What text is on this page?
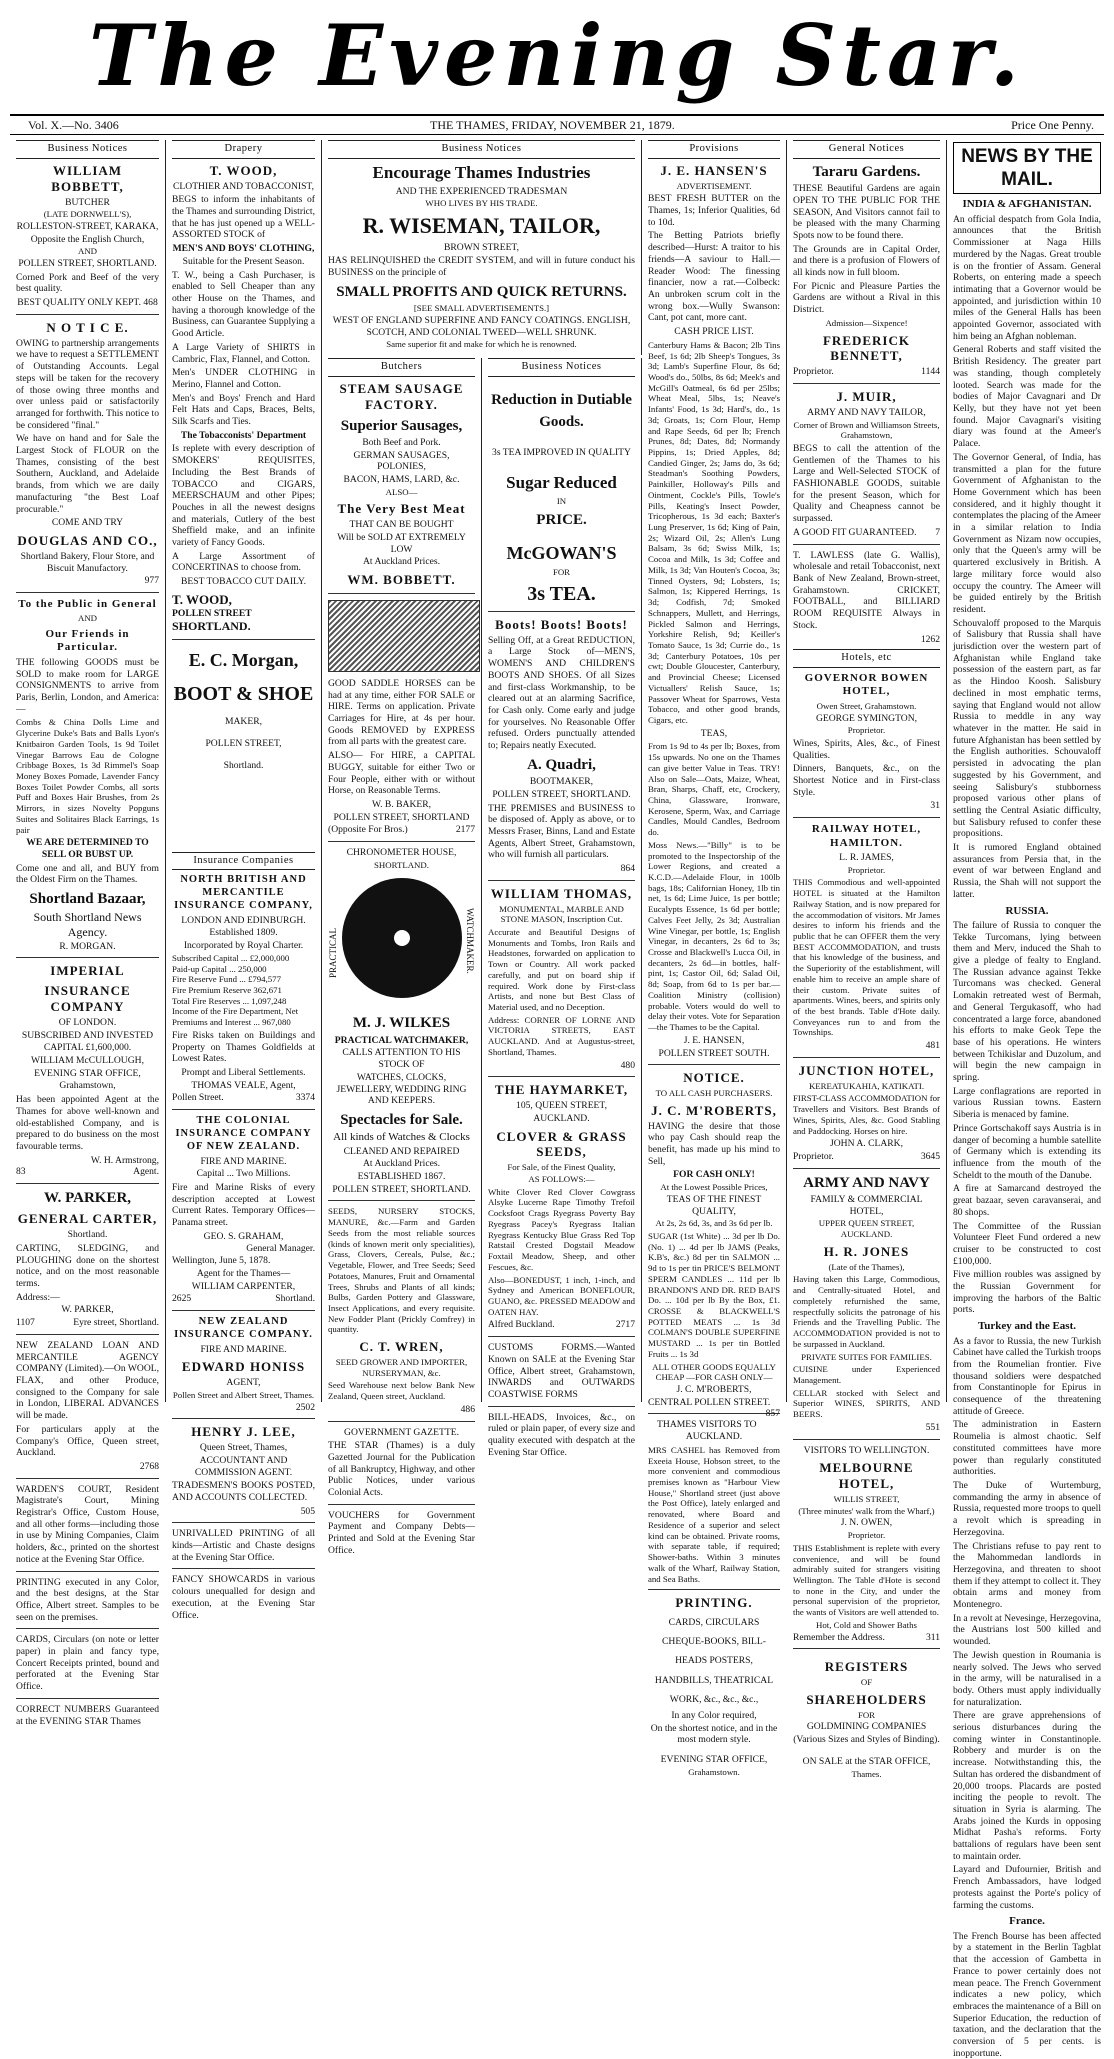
The Evening Star.
Vol. X.—No. 3406	THE THAMES, FRIDAY, NOVEMBER 21, 1879.	Price One Penny.
Business Notices
WILLIAM BOBBETT,
BUTCHER
(LATE DORNWELL'S),
ROLLESTON-STREET, KARAKA,
Opposite the English Church,
AND
POLLEN STREET, SHORTLAND.
Corned Pork and Beef of the very best quality.
BEST QUALITY ONLY KEPT. 468
N O T I C E.
OWING to partnership arrangements we have to request a SETTLEMENT of Outstanding Accounts. Legal steps will be taken for the recovery of those owing three months and over unless paid or satisfactorily arranged for forthwith. This notice to be considered "final."
We have on hand and for Sale the Largest Stock of FLOUR on the Thames, consisting of the best Southern, Auckland, and Adelaide brands, from which we are daily manufacturing "the Best Loaf procurable."
COME AND TRY
DOUGLAS AND CO.,
Shortland Bakery, Flour Store, and Biscuit Manufactory.
977
To the Public in General
AND
Our Friends in Particular.
THE following GOODS must be SOLD to make room for LARGE CONSIGNMENTS to arrive from Paris, Berlin, London, and America:—
Combs & China Dolls Lime and Glycerine Duke's Bats and Balls Lyon's Knitbairon Garden Tools, 1s 9d Toilet Vinegar Barrows Eau de Cologne Cribbage Boxes, 1s 3d Rimmel's Soap Money Boxes Pomade, Lavender Fancy Boxes Toilet Powder Combs, all sorts Puff and Boxes Hair Brushes, from 2s Mirrors, in sizes Novelty Popguns Suites and Solitaires Black Earrings, 1s pair
WE ARE DETERMINED TO SELL OR BUBST UP.
Come one and all, and BUY from the Oldest Firm on the Thames.
Shortland Bazaar,
South Shortland News Agency.
R. MORGAN.
IMPERIAL
INSURANCE COMPANY
OF LONDON.
SUBSCRIBED AND INVESTED
CAPITAL £1,600,000.
WILLIAM McCULLOUGH,
EVENING STAR OFFICE,
Grahamstown,
Has been appointed Agent at the Thames for above well-known and old-established Company, and is prepared to do business on the most favourable terms.
W. H. Armstrong,
83	Agent.
W. PARKER,
GENERAL CARTER,
Shortland.
CARTING, SLEDGING, and PLOUGHING done on the shortest notice, and on the most reasonable terms.
Address:—
W. PARKER,
1107	Eyre street, Shortland.
NEW ZEALAND LOAN AND MERCANTILE AGENCY COMPANY (Limited).—On WOOL, FLAX, and other Produce, consigned to the Company for sale in London, LIBERAL ADVANCES will be made.
For particulars apply at the Company's Office, Queen street, Auckland.
2768
WARDEN'S COURT, Resident Magistrate's Court, Mining Registrar's Office, Custom House, and all other forms—including those in use by Mining Companies, Claim holders, &c., printed on the shortest notice at the Evening Star Office.
PRINTING executed in any Color, and the best designs, at the Star Office, Albert street. Samples to be seen on the premises.
CARDS, Circulars (on note or letter paper) in plain and fancy type, Concert Receipts printed, bound and perforated at the Evening Star Office.
CORRECT NUMBERS Guaranteed at the EVENING STAR Thames
Drapery
T. WOOD,
CLOTHIER AND TOBACCONIST,
BEGS to inform the inhabitants of the Thames and surrounding District, that he has just opened up a WELL-ASSORTED STOCK of
MEN'S AND BOYS' CLOTHING,
Suitable for the Present Season.
T. W., being a Cash Purchaser, is enabled to Sell Cheaper than any other House on the Thames, and having a thorough knowledge of the Business, can Guarantee Supplying a Good Article.
A Large Variety of SHIRTS in Cambric, Flax, Flannel, and Cotton.
Men's UNDER CLOTHING in Merino, Flannel and Cotton.
Men's and Boys' French and Hard Felt Hats and Caps, Braces, Belts, Silk Scarfs and Ties.
The Tobacconists' Department
Is replete with every description of SMOKERS' REQUISITES, Including the Best Brands of TOBACCO and CIGARS, MEERSCHAUM and other Pipes; Pouches in all the newest designs and materials, Cutlery of the best Sheffield make, and an infinite variety of Fancy Goods.
A Large Assortment of CONCERTINAS to choose from.
BEST TOBACCO CUT DAILY.
T. WOOD,
POLLEN STREET SHORTLAND.
E. C. Morgan,
BOOT & SHOE
MAKER,
POLLEN STREET,
Shortland.
Insurance Companies
NORTH BRITISH AND MERCANTILE INSURANCE COMPANY,
LONDON AND EDINBURGH.
Established 1809.
Incorporated by Royal Charter.
Subscribed Capital ... £2,000,000
Paid-up Capital ... 250,000
Fire Reserve Fund ... £794,577
Fire Premium Reserve 362,671
Total Fire Reserves ... 1,097,248
Income of the Fire Department, Net Premiums and Interest ... 967,080
Fire Risks taken on Buildings and Property on Thames Goldfields at Lowest Rates.
Prompt and Liberal Settlements.
THOMAS VEALE, Agent,
Pollen Street.	3374
THE COLONIAL INSURANCE COMPANY OF NEW ZEALAND.
FIRE AND MARINE.
Capital ... Two Millions.
Fire and Marine Risks of every description accepted at Lowest Current Rates. Temporary Offices—Panama street.
GEO. S. GRAHAM,
General Manager.
Wellington, June 5, 1878.
Agent for the Thames—
WILLIAM CARPENTER,
2625	Shortland.
NEW ZEALAND INSURANCE COMPANY.
FIRE AND MARINE.
EDWARD HONISS
AGENT,
Pollen Street and Albert Street, Thames.
2502
HENRY J. LEE,
Queen Street, Thames,
ACCOUNTANT AND COMMISSION AGENT.
TRADESMEN'S BOOKS POSTED, AND ACCOUNTS COLLECTED.
505
UNRIVALLED PRINTING of all kinds—Artistic and Chaste designs at the Evening Star Office.
FANCY SHOWCARDS in various colours unequalled for design and execution, at the Evening Star Office.
Business Notices
Encourage Thames Industries
AND THE EXPERIENCED TRADESMAN
WHO LIVES BY HIS TRADE.
R. WISEMAN, TAILOR,
BROWN STREET,
HAS RELINQUISHED the CREDIT SYSTEM, and will in future conduct his BUSINESS on the principle of
SMALL PROFITS AND QUICK RETURNS.
[SEE SMALL ADVERTISEMENTS.]
WEST OF ENGLAND SUPERFINE AND FANCY COATINGS. ENGLISH, SCOTCH, AND COLONIAL TWEED—WELL SHRUNK.
Same superior fit and make for which he is renowned.
Butchers
STEAM SAUSAGE FACTORY.
Superior Sausages,
Both Beef and Pork.
GERMAN SAUSAGES, POLONIES,
BACON, HAMS, LARD, &c.
ALSO—
The Very Best Meat
THAT CAN BE BOUGHT
Will be SOLD AT EXTREMELY LOW
At Auckland Prices.
WM. BOBBETT.
GOOD SADDLE HORSES can be had at any time, either FOR SALE or HIRE. Terms on application. Private Carriages for Hire, at 4s per hour. Goods REMOVED by EXPRESS from all parts with the greatest care.
ALSO— For HIRE, a CAPITAL BUGGY, suitable for either Two or Four People, either with or without Horse, on Reasonable Terms.
W. B. BAKER,
POLLEN STREET, SHORTLAND
(Opposite For Bros.)	2177
CHRONOMETER HOUSE,
SHORTLAND.
PRACTICAL	WATCHMAKER.
M. J. WILKES
PRACTICAL WATCHMAKER,
CALLS ATTENTION TO HIS STOCK OF
WATCHES, CLOCKS, JEWELLERY, WEDDING RING AND KEEPERS.
Spectacles for Sale.
All kinds of Watches & Clocks
CLEANED AND REPAIRED
At Auckland Prices.
ESTABLISHED 1867.
POLLEN STREET, SHORTLAND.
SEEDS, NURSERY STOCKS, MANURE, &c.—Farm and Garden Seeds from the most reliable sources (kinds of known merit only specialities), Grass, Clovers, Cereals, Pulse, &c.; Vegetable, Flower, and Tree Seeds; Seed Potatoes, Manures, Fruit and Ornamental Trees, Shrubs and Plants of all kinds; Bulbs, Garden Pottery and Glassware, Insect Applications, and every requisite. New Fodder Plant (Prickly Comfrey) in quantity.
C. T. WREN,
SEED GROWER AND IMPORTER, NURSERYMAN, &c.
Seed Warehouse next below Bank New Zealand, Queen street, Auckland.
486
GOVERNMENT GAZETTE.
THE STAR (Thames) is a duly Gazetted Journal for the Publication of all Bankruptcy, Highway, and other Public Notices, under various Colonial Acts.
VOUCHERS for Government Payment and Company Debts—Printed and Sold at the Evening Star Office.
Business Notices
Reduction in Dutiable
Goods.
3s TEA IMPROVED IN QUALITY
Sugar Reduced
IN
PRICE.
McGOWAN'S
FOR
3s TEA.
Boots! Boots! Boots!
Selling Off, at a Great REDUCTION, a Large Stock of—MEN'S, WOMEN'S AND CHILDREN'S BOOTS AND SHOES. Of all Sizes and first-class Workmanship, to be cleared out at an alarming Sacrifice, for Cash only. Come early and judge for yourselves. No Reasonable Offer refused. Orders punctually attended to; Repairs neatly Executed.
A. Quadri,
BOOTMAKER,
POLLEN STREET, SHORTLAND.
THE PREMISES and BUSINESS to be disposed of. Apply as above, or to Messrs Fraser, Binns, Land and Estate Agents, Albert Street, Grahamstown, who will furnish all particulars.
864
WILLIAM THOMAS,
MONUMENTAL, MARBLE AND STONE MASON, Inscription Cut.
Accurate and Beautiful Designs of Monuments and Tombs, Iron Rails and Headstones, forwarded on application to Town or Country. All work packed carefully, and put on board ship if required. Work done by First-class Artists, and none but Best Class of Material used, and no Deception.
Address: CORNER OF LORNE AND VICTORIA STREETS, EAST AUCKLAND. And at Augustus-street, Shortland, Thames.
480
THE HAYMARKET,
105, QUEEN STREET,
AUCKLAND.
CLOVER & GRASS SEEDS,
For Sale, of the Finest Quality,
AS FOLLOWS:—
White Clover Red Clover Cowgrass Alsyke Lucerne Rape Timothy Trefoil Cocksfoot Crags Ryegrass Poverty Bay Ryegrass Pacey's Ryegrass Italian Ryegrass Kentucky Blue Grass Red Top Ratstail Crested Dogstail Meadow Foxtail Meadow, Sheep, and other Fescues, &c.
Also—BONEDUST, 1 inch, 1-inch, and Sydney and American BONEFLOUR, GUANO, &c. PRESSED MEADOW and OATEN HAY.
Alfred Buckland.	2717
CUSTOMS FORMS.—Wanted Known on SALE at the Evening Star Office, Albert street, Grahamstown, INWARDS and OUTWARDS COASTWISE FORMS
BILL-HEADS, Invoices, &c., on ruled or plain paper, of every size and quality executed with despatch at the Evening Star Office.
Provisions
J. E. HANSEN'S
ADVERTISEMENT.
BEST FRESH BUTTER on the Thames, 1s; Inferior Qualities, 6d to 10d.
The Betting Patriots briefly described—Hurst: A traitor to his friends—A saviour to Hall.—Reader Wood: The finessing financier, now a rat.—Colbeck: An unbroken scrum colt in the wrong box.—Wully Swanson: Cant, pot cant, more cant.
CASH PRICE LIST.
Canterbury Hams & Bacon; 2lb Tins Beef, 1s 6d; 2lb Sheep's Tongues, 3s 3d; Lamb's Superfine Flour, 8s 6d; Wood's do., 50lbs, 8s 6d; Meek's and McGill's Oatmeal, 6s 6d per 25lbs; Wheat Meal, 5lbs, 1s; Neave's Infants' Food, 1s 3d; Hard's, do., 1s 3d; Groats, 1s; Corn Flour, Hemp and Rape Seeds, 6d per lb; French Prunes, 8d; Dates, 8d; Normandy Pippins, 1s; Dried Apples, 8d; Candied Ginger, 2s; Jams do, 3s 6d; Steadman's Soothing Powders, Painkiller, Holloway's Pills and Ointment, Cockle's Pills, Towle's Pills, Keating's Insect Powder, Tricopherous, 1s 3d each; Baxter's Lung Preserver, 1s 6d; King of Pain, 2s; Wizard Oil, 2s; Allen's Lung Balsam, 3s 6d; Swiss Milk, 1s; Cocoa and Milk, 1s 3d; Coffee and Milk, 1s 3d; Van Houten's Cocoa, 3s; Tinned Oysters, 9d; Lobsters, 1s; Salmon, 1s; Kippered Herrings, 1s 3d; Codfish, 7d; Smoked Schnappers, Mullett, and Herrings, Pickled Salmon and Herrings, Yorkshire Relish, 9d; Keiller's Tomato Sauce, 1s 3d; Currie do., 1s 3d; Canterbury Potatoes, 10s per cwt; Double Gloucester, Canterbury, and Provincial Cheese; Licensed Victuallers' Relish Sauce, 1s; Passover Wheat for Sparrows, Vesta Tobacco, and other good brands, Cigars, etc.
TEAS,
From 1s 9d to 4s per lb; Boxes, from 15s upwards. No one on the Thames can give better Value in Teas. TRY! Also on Sale—Oats, Maize, Wheat, Bran, Sharps, Chaff, etc, Crockery, China, Glassware, Ironware, Kerosene, Sperm, Wax, and Carriage Candles, Mould Candles, Bedroom do.
Moss News.—"Billy" is to be promoted to the Inspectorship of the Lower Regions, and created a K.C.D.—Adelaide Flour, in 100lb bags, 18s; Californian Honey, 1lb tin net, 1s 6d; Lime Juice, 1s per bottle; Eucalypts Essence, 1s 6d per bottle; Calves Feet Jelly, 2s 3d; Australian Wine Vinegar, per bottle, 1s; English Vinegar, in decanters, 2s 6d to 3s; Crosse and Blackwell's Lucca Oil, in decanters, 2s 6d—in bottles, half-pint, 1s; Castor Oil, 6d; Salad Oil, 8d; Soap, from 6d to 1s per bar.—Coalition Ministry (collision) probable. Voters would do well to delay their votes. Vote for Separation—the Thames to be the Capital.
J. E. HANSEN,
POLLEN STREET SOUTH.
NOTICE.
TO ALL CASH PURCHASERS.
J. C. M'ROBERTS,
HAVING the desire that those who pay Cash should reap the benefit, has made up his mind to Sell,
FOR CASH ONLY!
At the Lowest Possible Prices,
TEAS OF THE FINEST QUALITY,
At 2s, 2s 6d, 3s, and 3s 6d per lb.
SUGAR (1st White) ... 3d per lb Do. (No. 1) ... 4d per lb JAMS (Peaks, K.B's, &c.) 8d per tin SALMON ... 9d to 1s per tin PRICE'S BELMONT SPERM CANDLES ... 11d per lb BRANDON'S AND DR. RED BAI'S Do. ... 10d per lb By the Box, £1. CROSSE & BLACKWELL'S POTTED MEATS ... 1s 3d COLMAN'S DOUBLE SUPERFINE MUSTARD ... 1s per tin Bottled Fruits ... 1s 3d
ALL OTHER GOODS EQUALLY CHEAP —FOR CASH ONLY—
J. C. M'ROBERTS,
CENTRAL POLLEN STREET.
857
THAMES VISITORS TO AUCKLAND.
MRS CASHEL has Removed from Exeeia House, Hobson street, to the more convenient and commodious premises known as "Harbour View House," Shortland street (just above the Post Office), lately enlarged and renovated, where Board and Residence of a superior and select kind can be obtained. Private rooms, with separate table, if required; Shower-baths. Within 3 minutes walk of the Wharf, Railway Station, and Sea Baths.
PRINTING.
CARDS, CIRCULARS CHEQUE-BOOKS, BILL-HEADS POSTERS, HANDBILLS, THEATRICAL WORK, &c., &c., &c.,
In any Color required,
On the shortest notice, and in the most modern style.
EVENING STAR OFFICE,
Grahamstown.
General Notices
Tararu Gardens.
THESE Beautiful Gardens are again OPEN TO THE PUBLIC FOR THE SEASON, And Visitors cannot fail to be pleased with the many Charming Spots now to be found there.
The Grounds are in Capital Order, and there is a profusion of Flowers of all kinds now in full bloom.
For Picnic and Pleasure Parties the Gardens are without a Rival in this District.
Admission—Sixpence!
FREDERICK BENNETT,
Proprietor.	1144
J. MUIR,
ARMY AND NAVY TAILOR,
Corner of Brown and Williamson Streets, Grahamstown,
BEGS to call the attention of the Gentlemen of the Thames to his Large and Well-Selected STOCK of FASHIONABLE GOODS, suitable for the present Season, which for Quality and Cheapness cannot be surpassed.
A GOOD FIT GUARANTEED. 7
T. LAWLESS (late G. Wallis), wholesale and retail Tobacconist, next Bank of New Zealand, Brown-street, Grahamstown. CRICKET, FOOTBALL, and BILLIARD ROOM REQUISITE Always in Stock.
1262
Hotels, etc
GOVERNOR BOWEN HOTEL,
Owen Street, Grahamstown.
GEORGE SYMINGTON,
Proprietor.
Wines, Spirits, Ales, &c., of Finest Qualities.
Dinners, Banquets, &c., on the Shortest Notice and in First-class Style.
31
RAILWAY HOTEL, HAMILTON.
L. R. JAMES,
Proprietor.
THIS Commodious and well-appointed HOTEL is situated at the Hamilton Railway Station, and is now prepared for the accommodation of visitors. Mr James desires to inform his friends and the public that he can OFFER them the very BEST ACCOMMODATION, and trusts that his knowledge of the business, and the Superiority of the establishment, will enable him to receive an ample share of their custom. Private suites of apartments. Wines, beers, and spirits only of the best brands. Table d'Hote daily. Conveyances run to and from the Townships.
481
JUNCTION HOTEL,
KEREATUKAHIA, KATIKATI.
FIRST-CLASS ACCOMMODATION for Travellers and Visitors. Best Brands of Wines, Spirits, Ales, &c. Good Stabling and Paddocking. Horses on hire.
JOHN A. CLARK,
Proprietor.	3645
ARMY AND NAVY
FAMILY & COMMERCIAL HOTEL,
UPPER QUEEN STREET, AUCKLAND.
H. R. JONES
(Late of the Thames),
Having taken this Large, Commodious, and Centrally-situated Hotel, and completely refurnished the same, respectfully solicits the patronage of his Friends and the Travelling Public. The ACCOMMODATION provided is not to be surpassed in Auckland.
PRIVATE SUITES FOR FAMILIES.
CUISINE under Experienced Management.
CELLAR stocked with Select and Superior WINES, SPIRITS, AND BEERS.
551
VISITORS TO WELLINGTON.
MELBOURNE HOTEL,
WILLIS STREET,
(Three minutes' walk from the Wharf,)
J. N. OWEN,
Proprietor.
THIS Establishment is replete with every convenience, and will be found admirably suited for strangers visiting Wellington. The Table d'Hote is second to none in the City, and under the personal supervision of the proprietor, the wants of Visitors are well attended to.
Hot, Cold and Shower Baths
Remember the Address.	311
REGISTERS
OF
SHAREHOLDERS
FOR
GOLDMINING COMPANIES
(Various Sizes and Styles of Binding).
ON SALE at the STAR OFFICE,
Thames.
NEWS BY THE MAIL.
INDIA & AFGHANISTAN.
An official despatch from Gola India, announces that the British Commissioner at Naga Hills murdered by the Nagas. Great trouble is on the frontier of Assam. General Roberts, on entering made a speech intimating that a Governor would be appointed, and jurisdiction within 10 miles of the General Halls has been appointed Governor, associated with him being an Afghan nobleman.
General Roberts and staff visited the British Residency. The greater part was standing, though completely looted. Search was made for the bodies of Major Cavagnari and Dr Kelly, but they have not yet been found. Major Cavagnari's visiting diary was found at the Ameer's Palace.
The Governor General, of India, has transmitted a plan for the future Government of Afghanistan to the Home Government which has been considered, and it highly thought it contemplates the placing of the Ameer in a similar relation to India Government as Nizam now occupies, only that the Queen's army will be quartered exclusively in British. A large military force would also occupy the country. The Ameer will be guided entirely by the British resident.
Schouvaloff proposed to the Marquis of Salisbury that Russia shall have jurisdiction over the western part of Afghanistan while England take possession of the eastern part, as far as the Hindoo Koosh. Salisbury declined in most emphatic terms, saying that England would not allow Russia to meddle in any way whatever in the matter. He said in future Afghanistan has been settled by the English authorities. Schouvaloff persisted in advocating the plan suggested by his Government, and seeing Salisbury's stubborness proposed various other plans of settling the Central Asiatic difficulty, but Salisbury refused to confer these propositions.
It is rumored England obtained assurances from Persia that, in the event of war between England and Russia, the Shah will not support the latter.
RUSSIA.
The failure of Russia to conquer the Tekke Turcomans, lying between them and Merv, induced the Shah to give a pledge of fealty to England. The Russian advance against Tekke Turcomans was checked. General Lomakin retreated west of Bermah, and General Tergukasoff, who had concentrated a large force, abandoned his efforts to make Geok Tepe the base of his operations. He winters between Tchikislar and Duzolum, and will begin the new campaign in spring.
Large conflagrations are reported in various Russian towns. Eastern Siberia is menaced by famine.
Prince Gortschakoff says Austria is in danger of becoming a humble satellite of Germany which is extending its influence from the mouth of the Scheldt to the mouth of the Danube.
A fire at Samarcand destroyed the great bazaar, seven caravanserai, and 80 shops.
The Committee of the Russian Volunteer Fleet Fund ordered a new cruiser to be constructed to cost £100,000.
Five million roubles was assigned by the Russian Government for improving the harbors of the Baltic ports.
Turkey and the East.
As a favor to Russia, the new Turkish Cabinet have called the Turkish troops from the Roumelian frontier. Five thousand soldiers were despatched from Constantinople for Epirus in consequence of the threatening attitude of Greece.
The administration in Eastern Roumelia is almost chaotic. Self constituted committees have more power than regularly constituted authorities.
The Duke of Wurtemburg, commanding the army in absence of Russia, requested more troops to quell a revolt which is spreading in Herzegovina.
The Christians refuse to pay rent to the Mahommedan landlords in Herzegovina, and threaten to shoot them if they attempt to collect it. They obtain arms and money from Montenegro.
In a revolt at Nevesinge, Herzegovina, the Austrians lost 500 killed and wounded.
The Jewish question in Roumania is nearly solved. The Jews who served in the army, will be naturalised in a body. Others must apply individually for naturalization.
There are grave apprehensions of serious disturbances during the coming winter in Constantinople. Robbery and murder is on the increase. Notwithstanding this, the Sultan has ordered the disbandment of 20,000 troops. Placards are posted inciting the people to revolt. The situation in Syria is alarming. The Arabs joined the Kurds in opposing Midhat Pasha's reforms. Forty battalions of regulars have been sent to maintain order.
Layard and Dufournier, British and French Ambassadors, have lodged protests against the Porte's policy of farming the customs.
France.
The French Bourse has been affected by a statement in the Berlin Tagblat that the accession of Gambetta in France to power certainly does not mean peace. The French Government indicates a new policy, which embraces the maintenance of a Bill on Superior Education, the reduction of taxation, and the declaration that the conversion of 5 per cents. is inopportune.
